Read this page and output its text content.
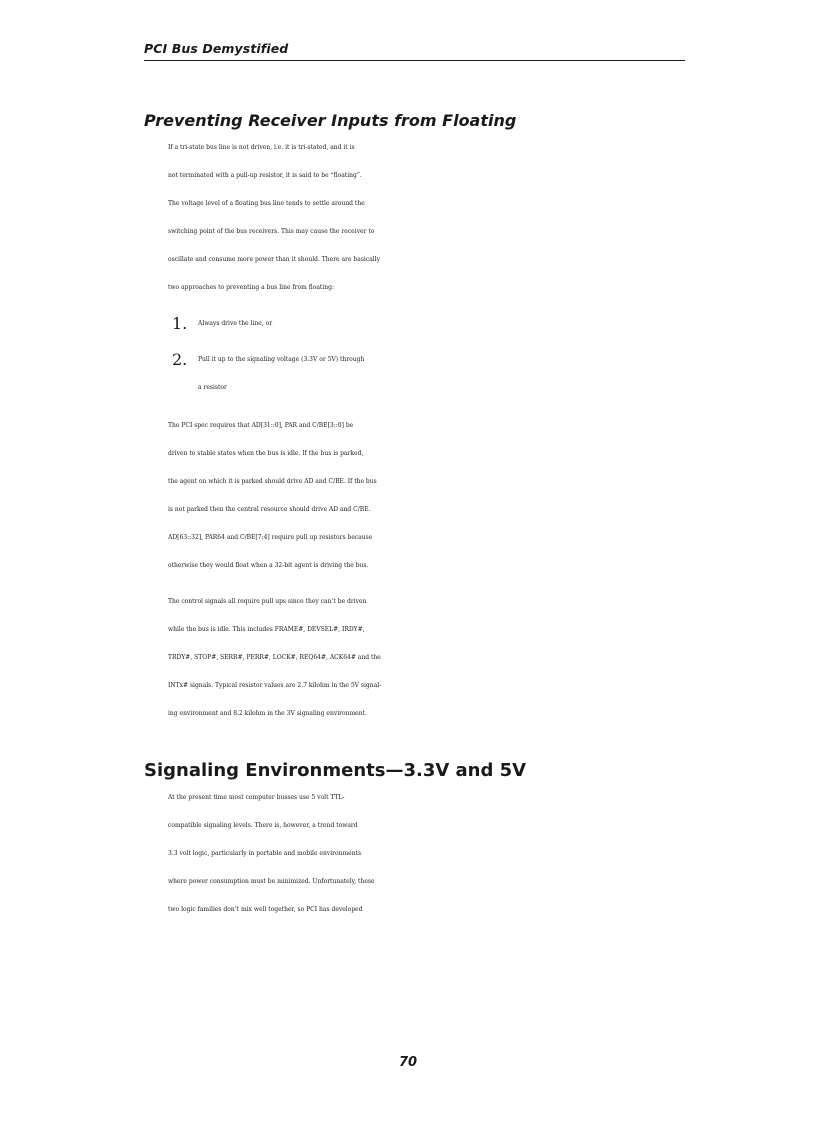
PCI Bus Demystified
Preventing Receiver Inputs from Floating

If a tri-state bus line is not driven, i.e. it is tri-stated, and it is
not terminated with a pull-up resistor, it is said to be “floating”.
The voltage level of a floating bus line tends to settle around the
switching point of the bus receivers. This may cause the receiver to
oscillate and consume more power than it should. There are basically
two approaches to preventing a bus line from floating:

1. Always drive the line, or
2. Pull it up to the signaling voltage (3.3V or 5V) through
a resistor

The PCI spec requires that AD[31::0], PAR and C/BE[3::0] be
driven to stable states when the bus is idle. If the bus is parked,
the agent on which it is parked should drive AD and C/BE. If the bus
is not parked then the central resource should drive AD and C/BE.
AD[63::32], PAR64 and C/BE[7:4] require pull up resistors because
otherwise they would float when a 32-bit agent is driving the bus.

The control signals all require pull ups since they can’t be driven
while the bus is idle. This includes FRAME#, DEVSEL#, IRDY#,
TRDY#, STOP#, SERR#, PERR#, LOCK#, REQ64#, ACK64# and the
INTx# signals. Typical resistor values are 2.7 kilohm in the 5V signal-
ing environment and 8.2 kilohm in the 3V signaling environment.

Signaling Environments—3.3V and 5V

At the present time most computer busses use 5 volt TTL-
compatible signaling levels. There is, however, a trend toward
3.3 volt logic, particularly in portable and mobile environments
where power consumption must be minimized. Unfortunately, these
two logic families don’t mix well together, so PCI has developed

70
